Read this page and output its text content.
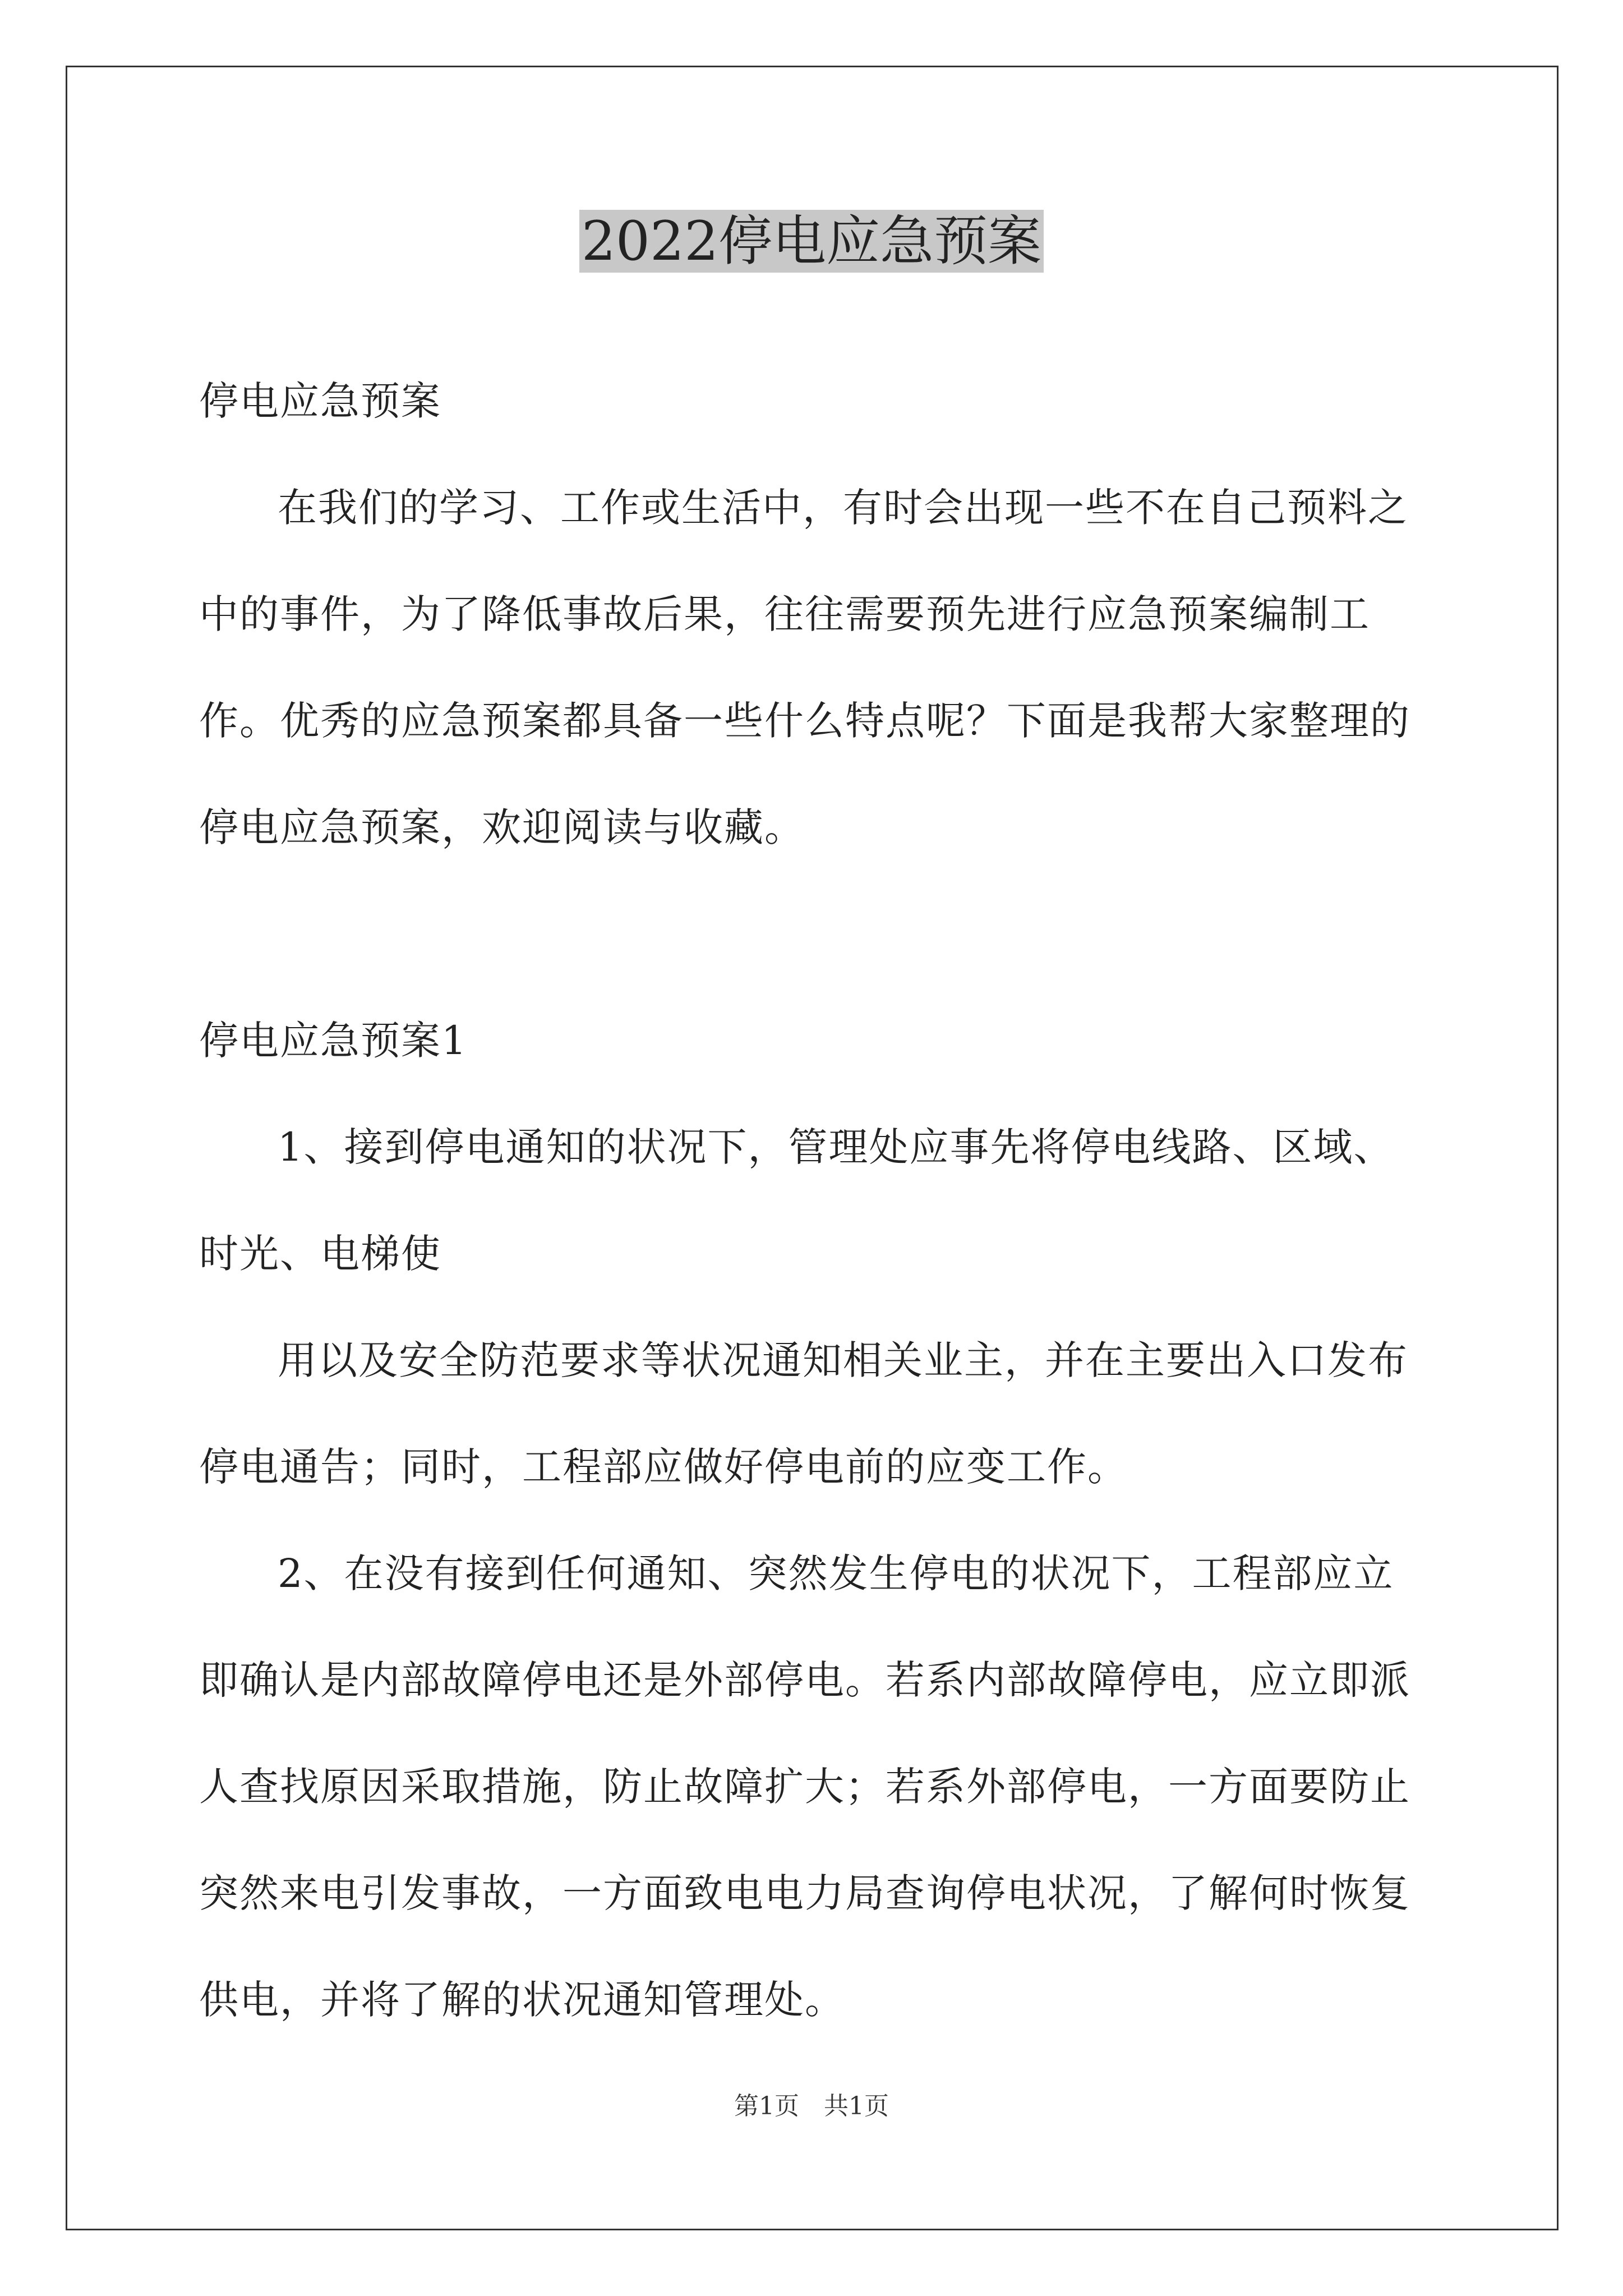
2022停电应急预案

停电应急预案

在我们的学习、工作或生活中，有时会出现一些不在自己预料之中的事件，为了降低事故后果，往往需要预先进行应急预案编制工作。优秀的应急预案都具备一些什么特点呢？下面是我帮大家整理的停电应急预案，欢迎阅读与收藏。

停电应急预案1

1、接到停电通知的状况下，管理处应事先将停电线路、区域、时光、电梯使

用以及安全防范要求等状况通知相关业主，并在主要出入口发布停电通告；同时，工程部应做好停电前的应变工作。

2、在没有接到任何通知、突然发生停电的状况下，工程部应立即确认是内部故障停电还是外部停电。若系内部故障停电，应立即派人查找原因采取措施，防止故障扩大；若系外部停电，一方面要防止突然来电引发事故，一方面致电电力局查询停电状况，了解何时恢复供电，并将了解的状况通知管理处。

第1页 共1页
